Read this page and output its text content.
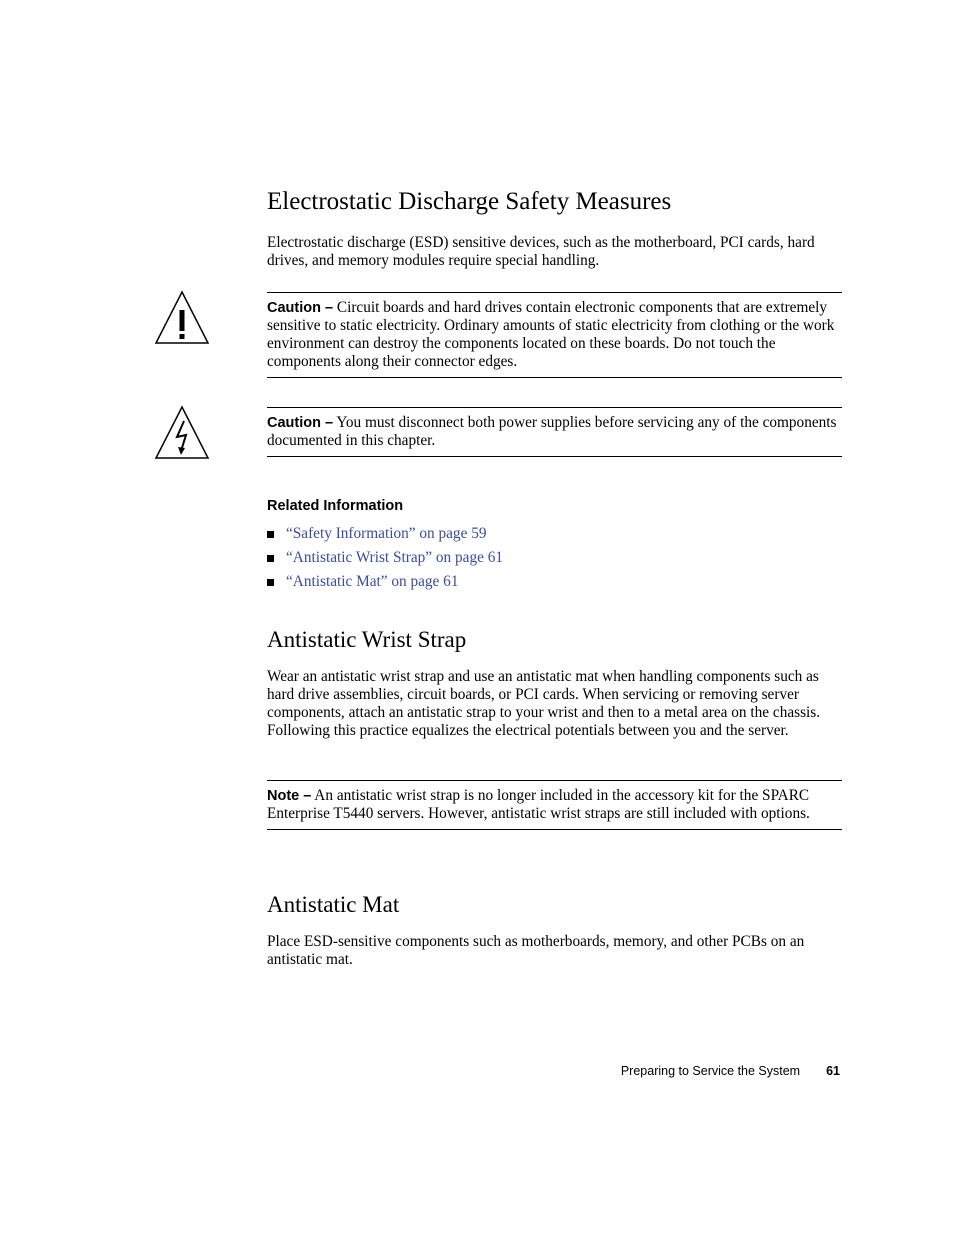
Electrostatic Discharge Safety Measures

Electrostatic discharge (ESD) sensitive devices, such as the motherboard, PCI cards, hard drives, and memory modules require special handling.

Caution – Circuit boards and hard drives contain electronic components that are extremely sensitive to static electricity. Ordinary amounts of static electricity from clothing or the work environment can destroy the components located on these boards. Do not touch the components along their connector edges.

Caution – You must disconnect both power supplies before servicing any of the components documented in this chapter.

Related Information

“Safety Information” on page 59
“Antistatic Wrist Strap” on page 61
“Antistatic Mat” on page 61
Antistatic Wrist Strap

Wear an antistatic wrist strap and use an antistatic mat when handling components such as hard drive assemblies, circuit boards, or PCI cards. When servicing or removing server components, attach an antistatic strap to your wrist and then to a metal area on the chassis. Following this practice equalizes the electrical potentials between you and the server.

Note – An antistatic wrist strap is no longer included in the accessory kit for the SPARC Enterprise T5440 servers. However, antistatic wrist straps are still included with options.

Antistatic Mat

Place ESD-sensitive components such as motherboards, memory, and other PCBs on an antistatic mat.

Preparing to Service the System 61
